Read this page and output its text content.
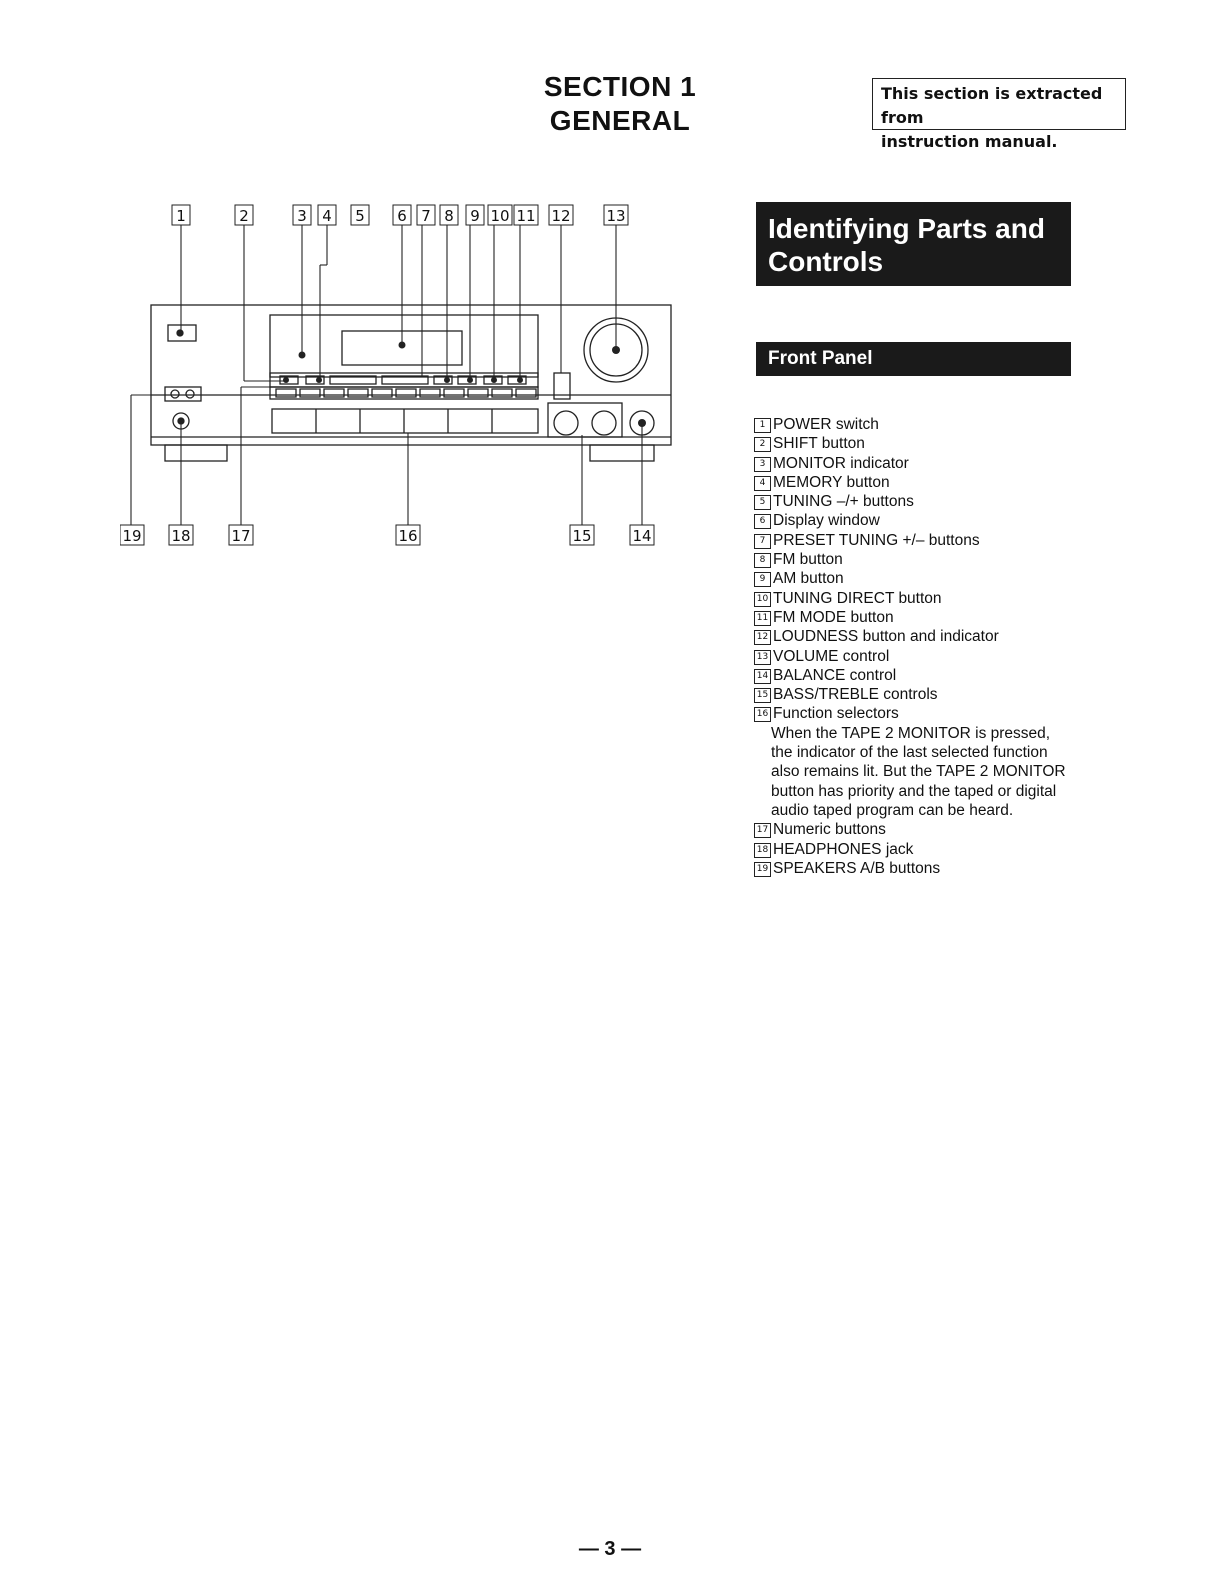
SECTION 1
GENERAL
This section is extracted from
instruction manual.
1	2	3 4 5 6 7 8 9 10 11 12 13
14
15
16
17
18
19
Identifying Parts and
Controls
Front Panel
1 POWER switch
2 SHIFT button
3 MONITOR indicator
4 MEMORY button
5 TUNING –/+ buttons
6 Display window
7 PRESET TUNING +/– buttons
8 FM button
9 AM button
10 TUNING DIRECT button
11 FM MODE button
12 LOUDNESS button and indicator
13 VOLUME control
14 BALANCE control
15 BASS/TREBLE controls
16 Function selectors
When the TAPE 2 MONITOR is pressed, the indicator of the last selected function also remains lit. But the TAPE 2 MONITOR button has priority and the taped or digital audio taped program can be heard.
17 Numeric buttons
18 HEADPHONES jack
19 SPEAKERS A/B buttons
— 3 —
